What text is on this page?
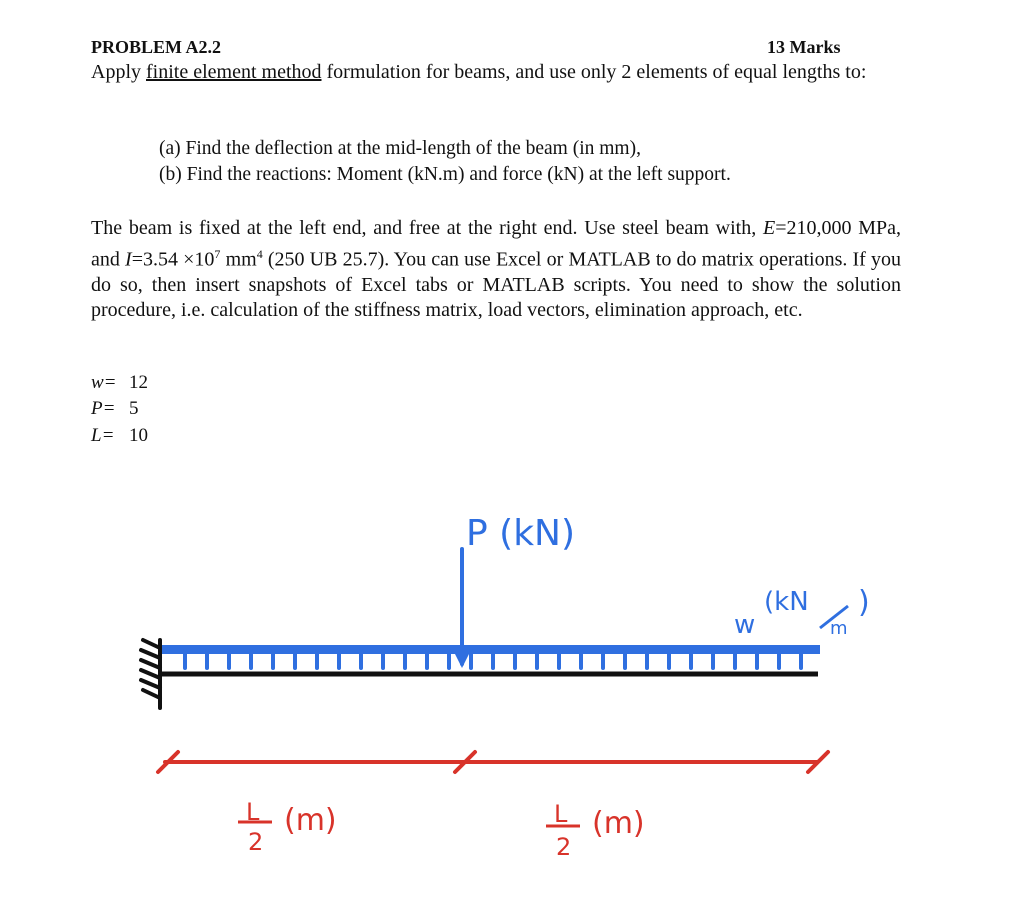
PROBLEM A2.2	13 Marks
Apply finite element method formulation for beams, and use only 2 elements of equal lengths to:
(a) Find the deflection at the mid-length of the beam (in mm),
(b) Find the reactions: Moment (kN.m) and force (kN) at the left support.
The beam is fixed at the left end, and free at the right end. Use steel beam with, E=210,000 MPa, and $I=3.54 \times 10^7$ $mm^4$ (250 UB 25.7). You can use Excel or MATLAB to do matrix operations. If you do so, then insert snapshots of Excel tabs or MATLAB scripts. You need to show the solution procedure, i.e. calculation of the stiffness matrix, load vectors, elimination approach, etc.
w= 12
P= 5
L= 10
P (kN)
w
(kN
m
)
L
2
(m)	L
2
(m)
